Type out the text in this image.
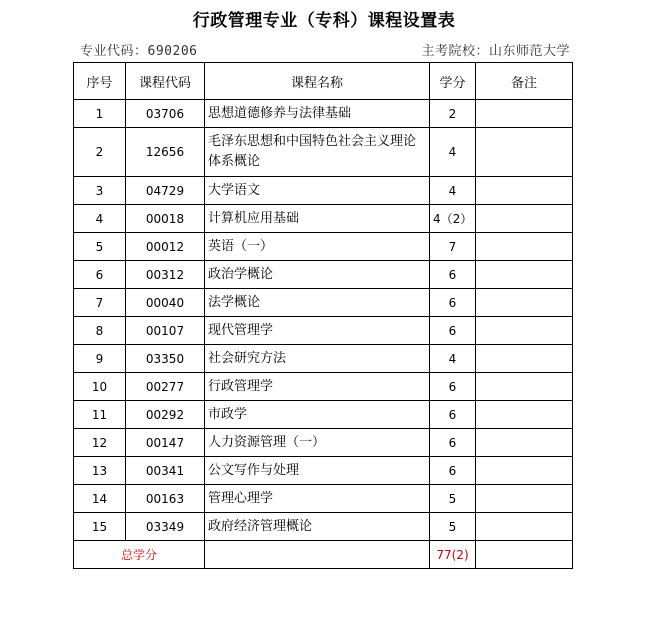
行政管理专业（专科）课程设置表
专业代码：690206	主考院校：山东师范大学
序号	课程代码	课程名称	学分	备注
1	03706	思想道德修养与法律基础	2	
2	12656	毛泽东思想和中国特色社会主义理论体系概论	4	
3	04729	大学语文	4	
4	00018	计算机应用基础	4（2）	
5	00012	英语（一）	7	
6	00312	政治学概论	6	
7	00040	法学概论	6	
8	00107	现代管理学	6	
9	03350	社会研究方法	4	
10	00277	行政管理学	6	
11	00292	市政学	6	
12	00147	人力资源管理（一）	6	
13	00341	公文写作与处理	6	
14	00163	管理心理学	5	
15	03349	政府经济管理概论	5	
总学分			77(2)	
